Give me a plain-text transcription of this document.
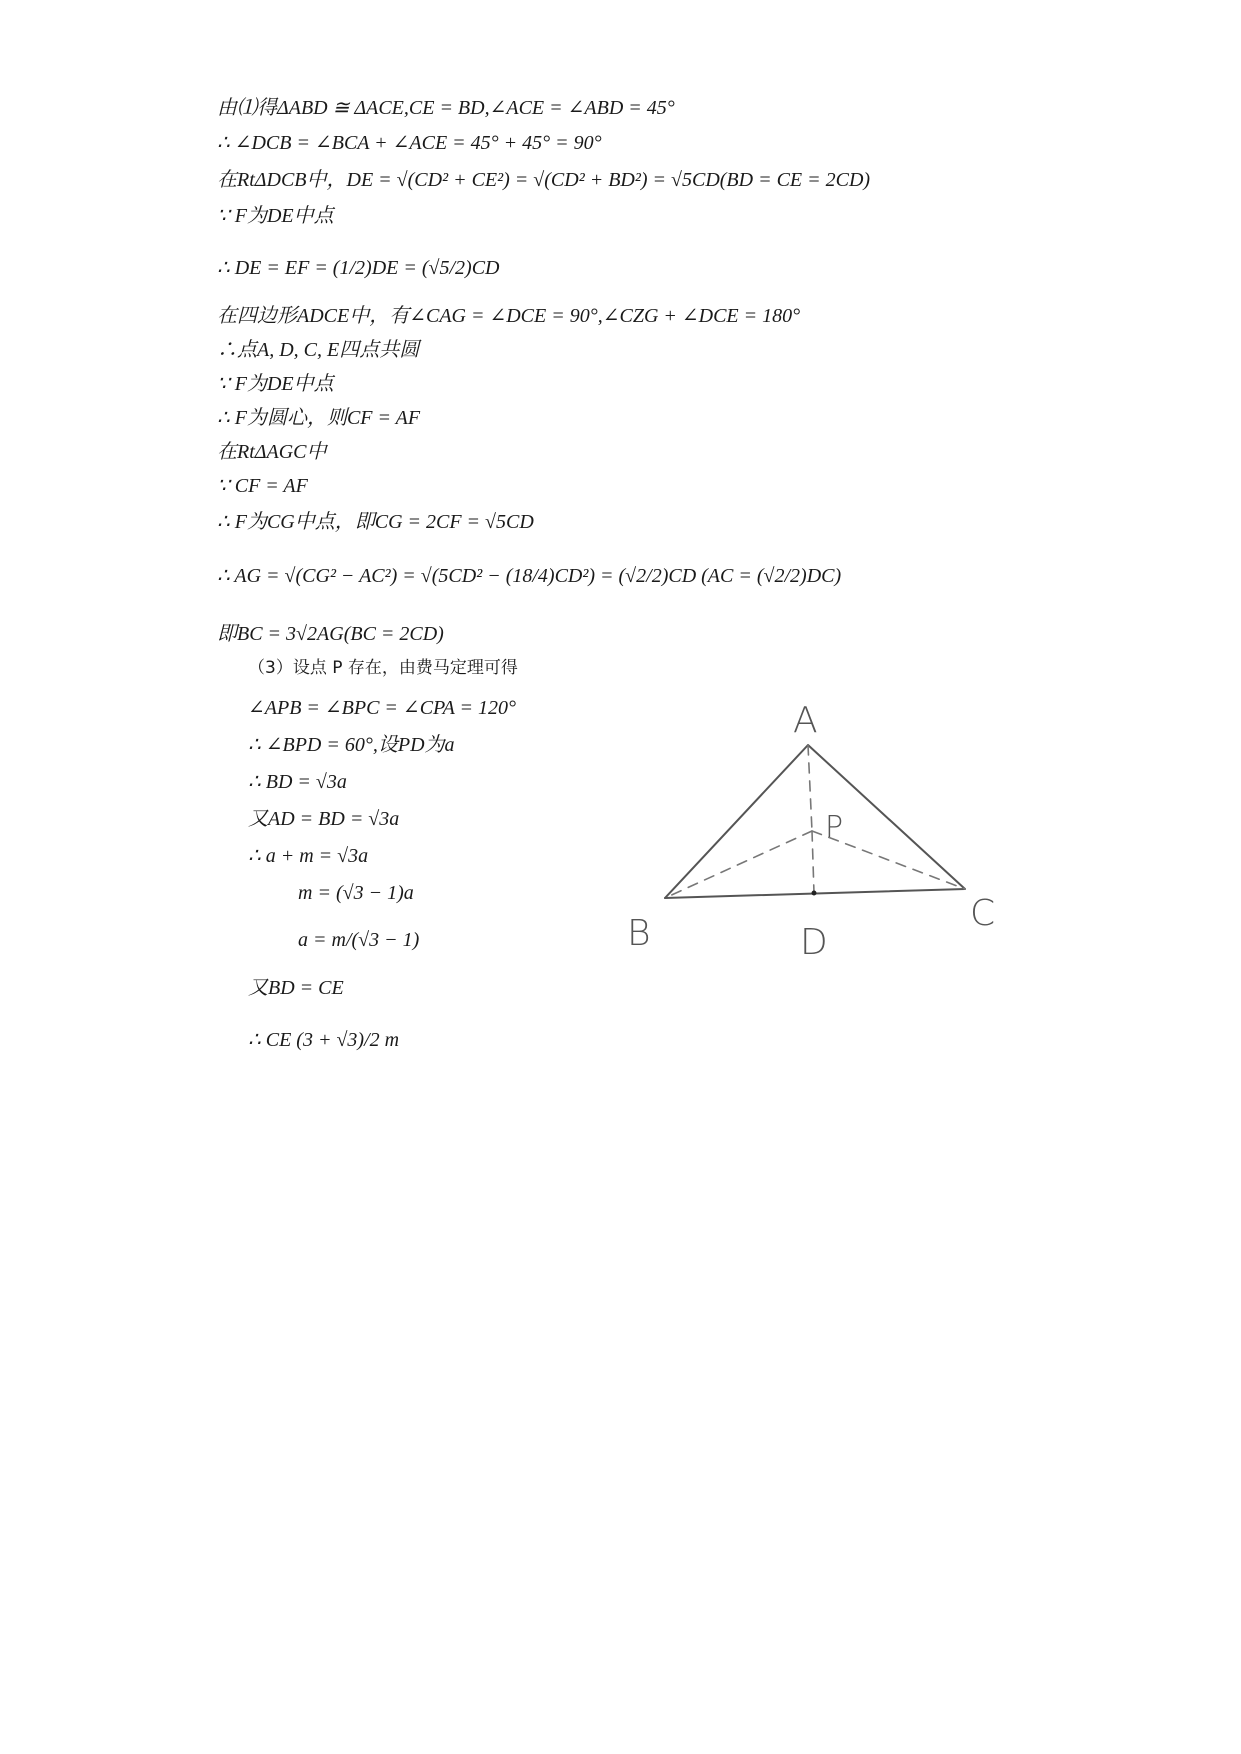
由⑴得ΔABD ≅ ΔACE,CE = BD,∠ACE = ∠ABD = 45°
∴ ∠DCB = ∠BCA + ∠ACE = 45° + 45° = 90°
在RtΔDCB中，DE = √(CD² + CE²) = √(CD² + BD²) = √5CD(BD = CE = 2CD)
∵ F为DE中点
∴ DE = EF = (1/2)DE = (√5/2)CD
在四边形ADCE中，有∠CAG = ∠DCE = 90°,∠CZG + ∠DCE = 180°
∴点A, D, C, E四点共圆
∵ F为DE中点
∴ F为圆心，则CF = AF
在RtΔAGC中
∵ CF = AF
∴ F为CG中点，即CG = 2CF = √5CD
∴ AG = √(CG² − AC²) = √(5CD² − (18/4)CD²) = (√2/2)CD (AC = (√2/2)DC)
即BC = 3√2AG(BC = 2CD)
（3）设点 P 存在，由费马定理可得
∠APB = ∠BPC = ∠CPA = 120°
∴ ∠BPD = 60°,设PD为a
∴ BD = √3a
又AD = BD = √3a
∴ a + m = √3a
m = (√3 − 1)a
a = m/(√3 − 1)
又BD = CE
∴ CE (3 + √3)/2 m
A
P
B	D
C
